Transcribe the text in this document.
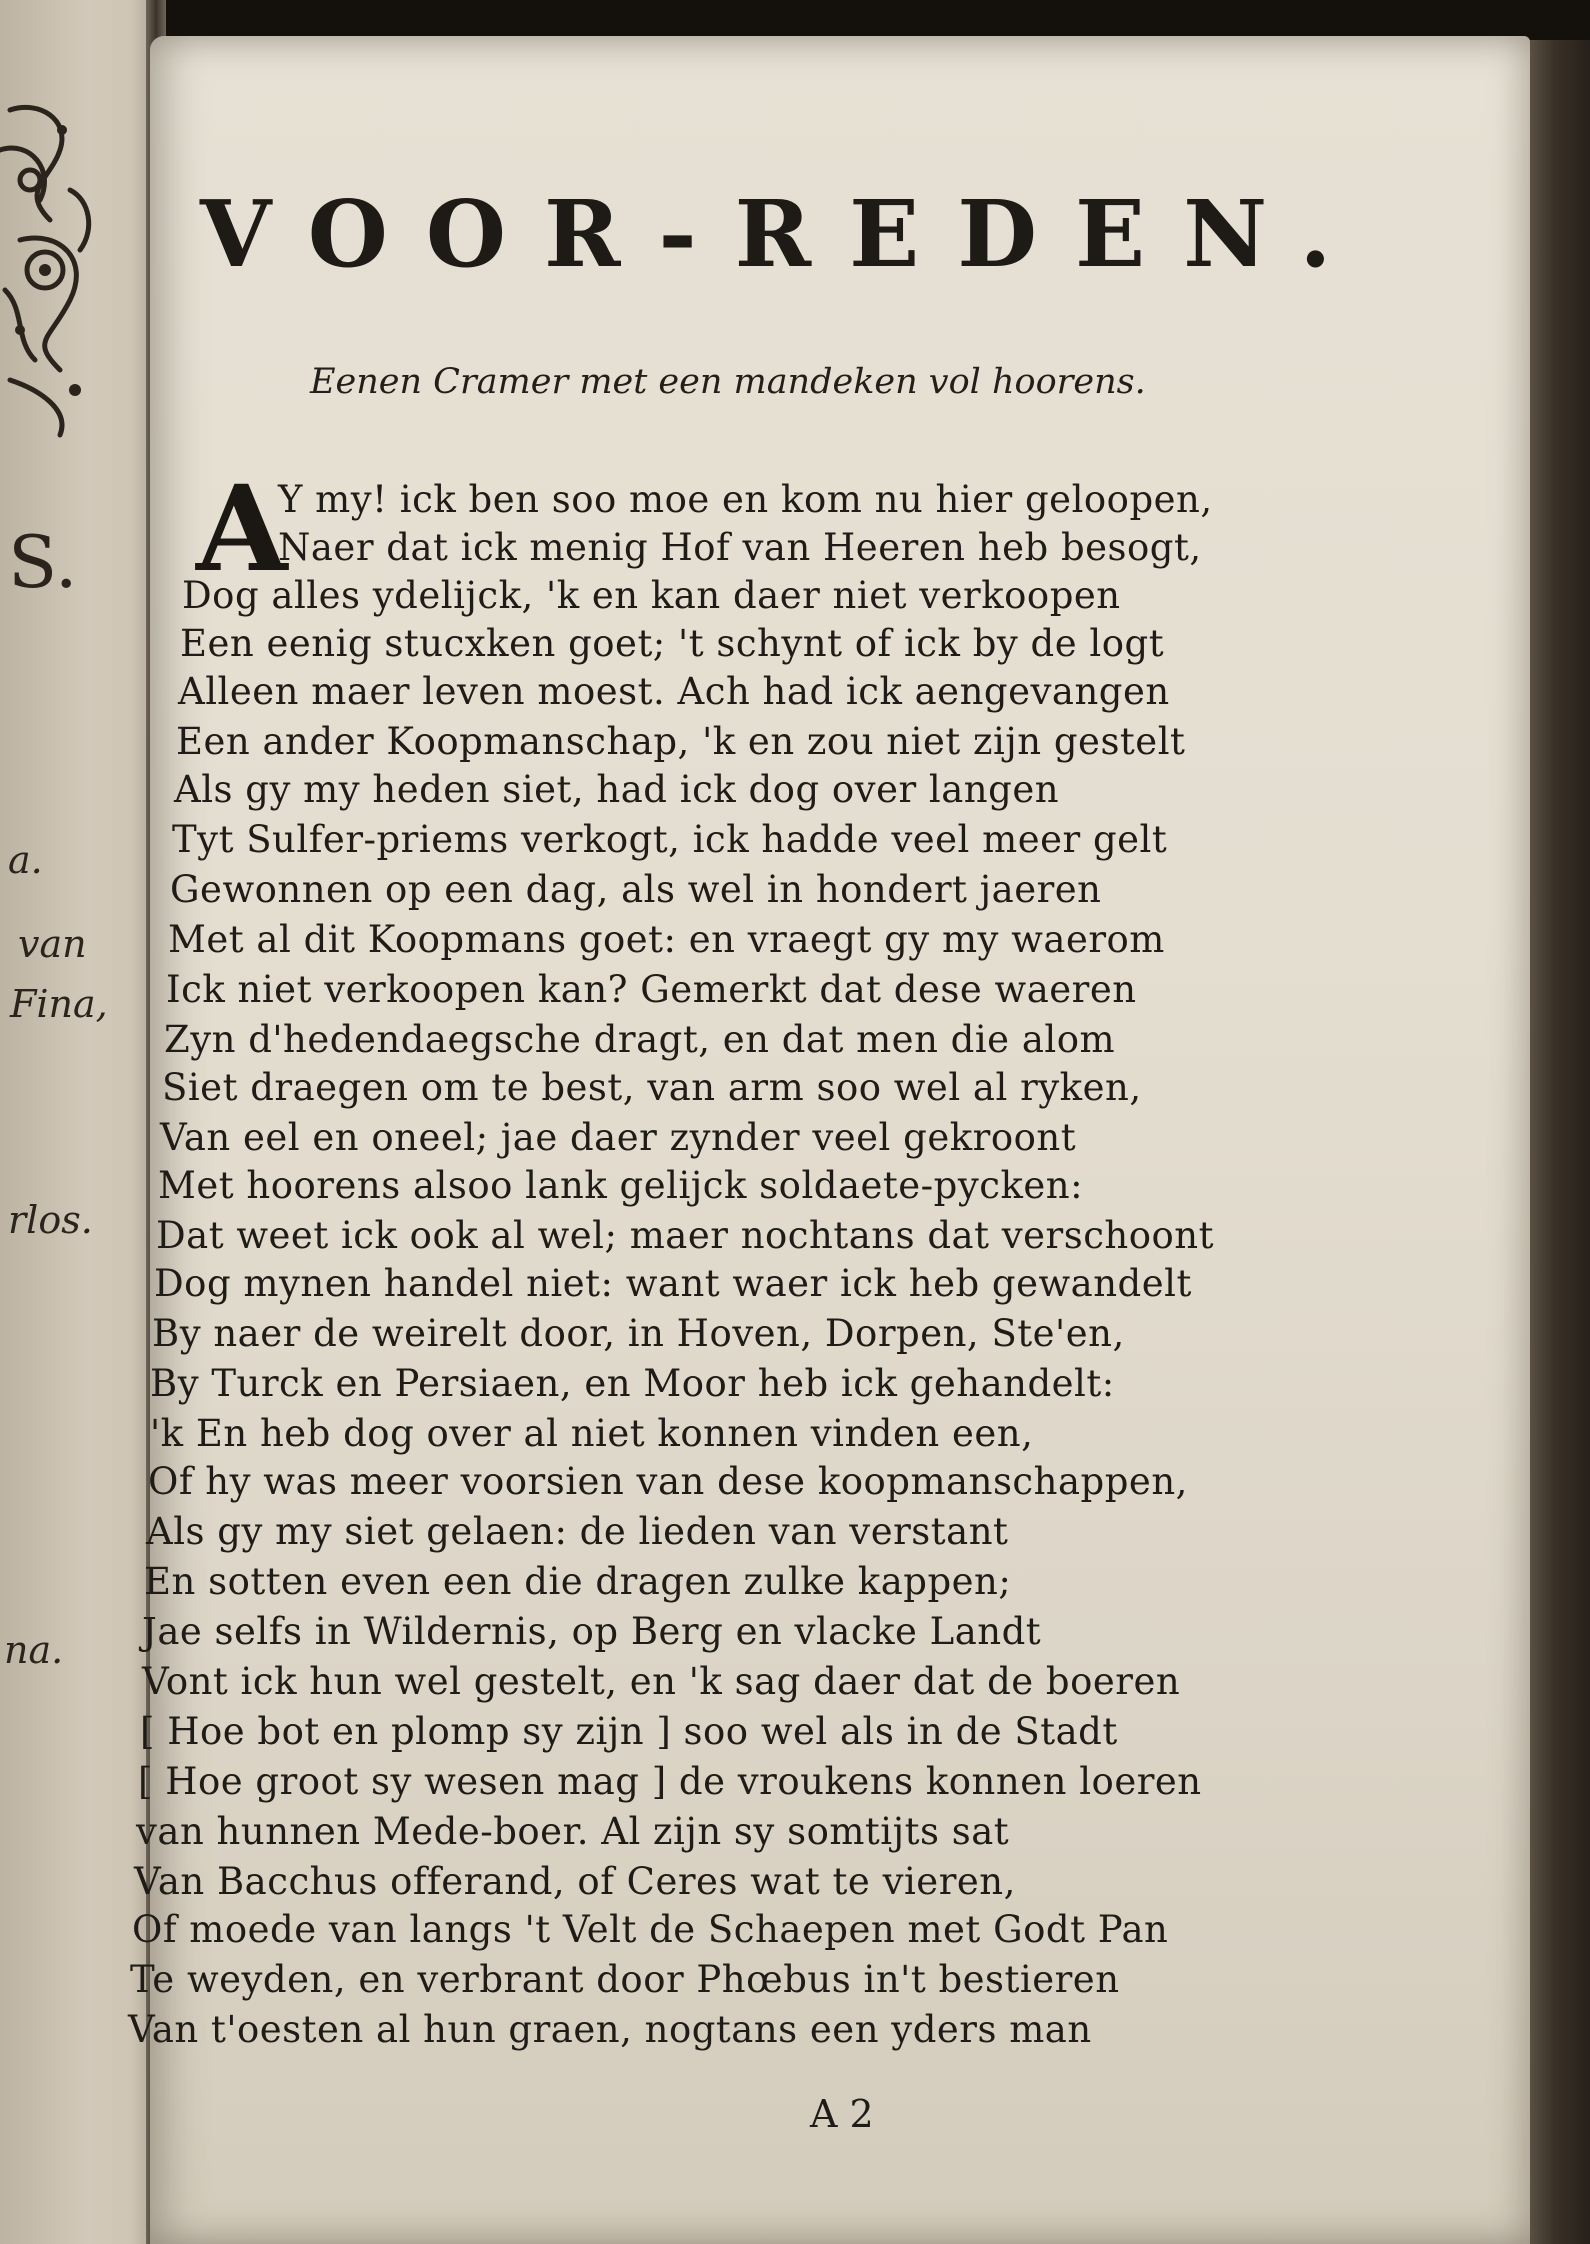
S.
a.
van
Fina,
rlos.
na.
VOOR-REDEN.
Eenen Cramer met een mandeken vol hoorens.
A
Y my! ick ben soo moe en kom nu hier geloopen,
Naer dat ick menig Hof van Heeren heb besogt,
Dog alles ydelijck, 'k en kan daer niet verkoopen
Een eenig stucxken goet; 't schynt of ick by de logt
Alleen maer leven moest. Ach had ick aengevangen
Een ander Koopmanschap, 'k en zou niet zijn gestelt
Als gy my heden siet, had ick dog over langen
Tyt Sulfer-priems verkogt, ick hadde veel meer gelt
Gewonnen op een dag, als wel in hondert jaeren
Met al dit Koopmans goet: en vraegt gy my waerom
Ick niet verkoopen kan? Gemerkt dat dese waeren
Zyn d'hedendaegsche dragt, en dat men die alom
Siet draegen om te best, van arm soo wel al ryken,
Van eel en oneel; jae daer zynder veel gekroont
Met hoorens alsoo lank gelijck soldaete-pycken:
Dat weet ick ook al wel; maer nochtans dat verschoont
Dog mynen handel niet: want waer ick heb gewandelt
By naer de weirelt door, in Hoven, Dorpen, Ste'en,
By Turck en Persiaen, en Moor heb ick gehandelt:
'k En heb dog over al niet konnen vinden een,
Of hy was meer voorsien van dese koopmanschappen,
Als gy my siet gelaen: de lieden van verstant
En sotten even een die dragen zulke kappen;
Jae selfs in Wildernis, op Berg en vlacke Landt
Vont ick hun wel gestelt, en 'k sag daer dat de boeren
[ Hoe bot en plomp sy zijn ] soo wel als in de Stadt
[ Hoe groot sy wesen mag ] de vroukens konnen loeren
van hunnen Mede-boer. Al zijn sy somtijts sat
Van Bacchus offerand, of Ceres wat te vieren,
Of moede van langs 't Velt de Schaepen met Godt Pan
Te weyden, en verbrant door Phœbus in't bestieren
Van t'oesten al hun graen, nogtans een yders man
A 2
